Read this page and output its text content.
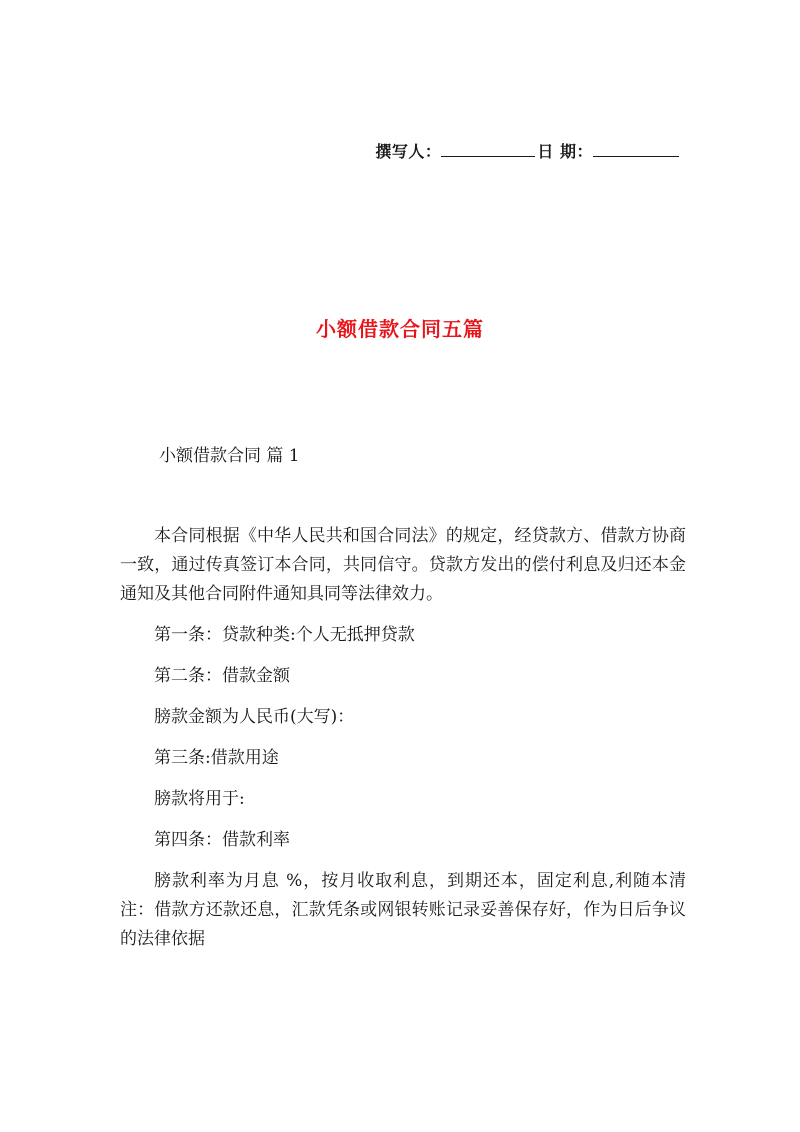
撰写人：	日 期：
小额借款合同五篇
小额借款合同 篇 1

本合同根据《中华人民共和国合同法》的规定，经贷款方、借款方协商一致，通过传真签订本合同，共同信守。贷款方发出的偿付利息及归还本金通知及其他合同附件通知具同等法律效力。

第一条：贷款种类:个人无抵押贷款

第二条：借款金额

膀款金额为人民币(大写)：

第三条:借款用途

膀款将用于:

第四条：借款利率

膀款利率为月息 %，按月收取利息，到期还本，固定利息,利随本清 注：借款方还款还息，汇款凭条或网银转账记录妥善保存好，作为日后争议的法律依据
